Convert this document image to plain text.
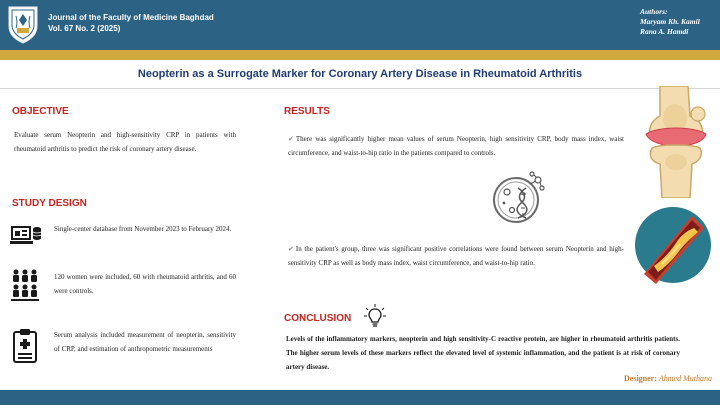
Journal of the Faculty of Medicine Baghdad
Vol. 67 No. 2 (2025)
Authors:
Maryam Kh. Kamil
Rana A. Hamdi
Neopterin as a Surrogate Marker for Coronary Artery Disease in Rheumatoid Arthritis
OBJECTIVE
Evaluate serum Neopterin and high-sensitivity CRP in patients with rheumatoid arthritis to predict the risk of coronary artery disease.
STUDY DESIGN
Single-center database from November 2023 to February 2024.
120 women were included, 60 with rheumatoid arthritis, and 60 were controls.
Serum analysis included measurement of neopterin, sensitivity of CRP, and estimation of anthropometric measurements
RESULTS
✔ There was significantly higher mean values of serum Neopterin, high sensitivity CRP, body mass index, waist circumference, and waist-to-hip ratio in the patients compared to controls.
✔ In the patient's group, three was significant positive correlations were found between serum Neopterin and high-sensitivity CRP as well as body mass index, waist circumference, and waist-to-hip ratio.
CONCLUSION
Levels of the inflammatory markers, neopterin and high sensitivity-C reactive protein, are higher in rheumatoid arthritis patients. The higher serum levels of these markers reflect the elevated level of systemic inflammation, and the patient is at risk of coronary artery disease.
Designer: Ahmed Muthana
